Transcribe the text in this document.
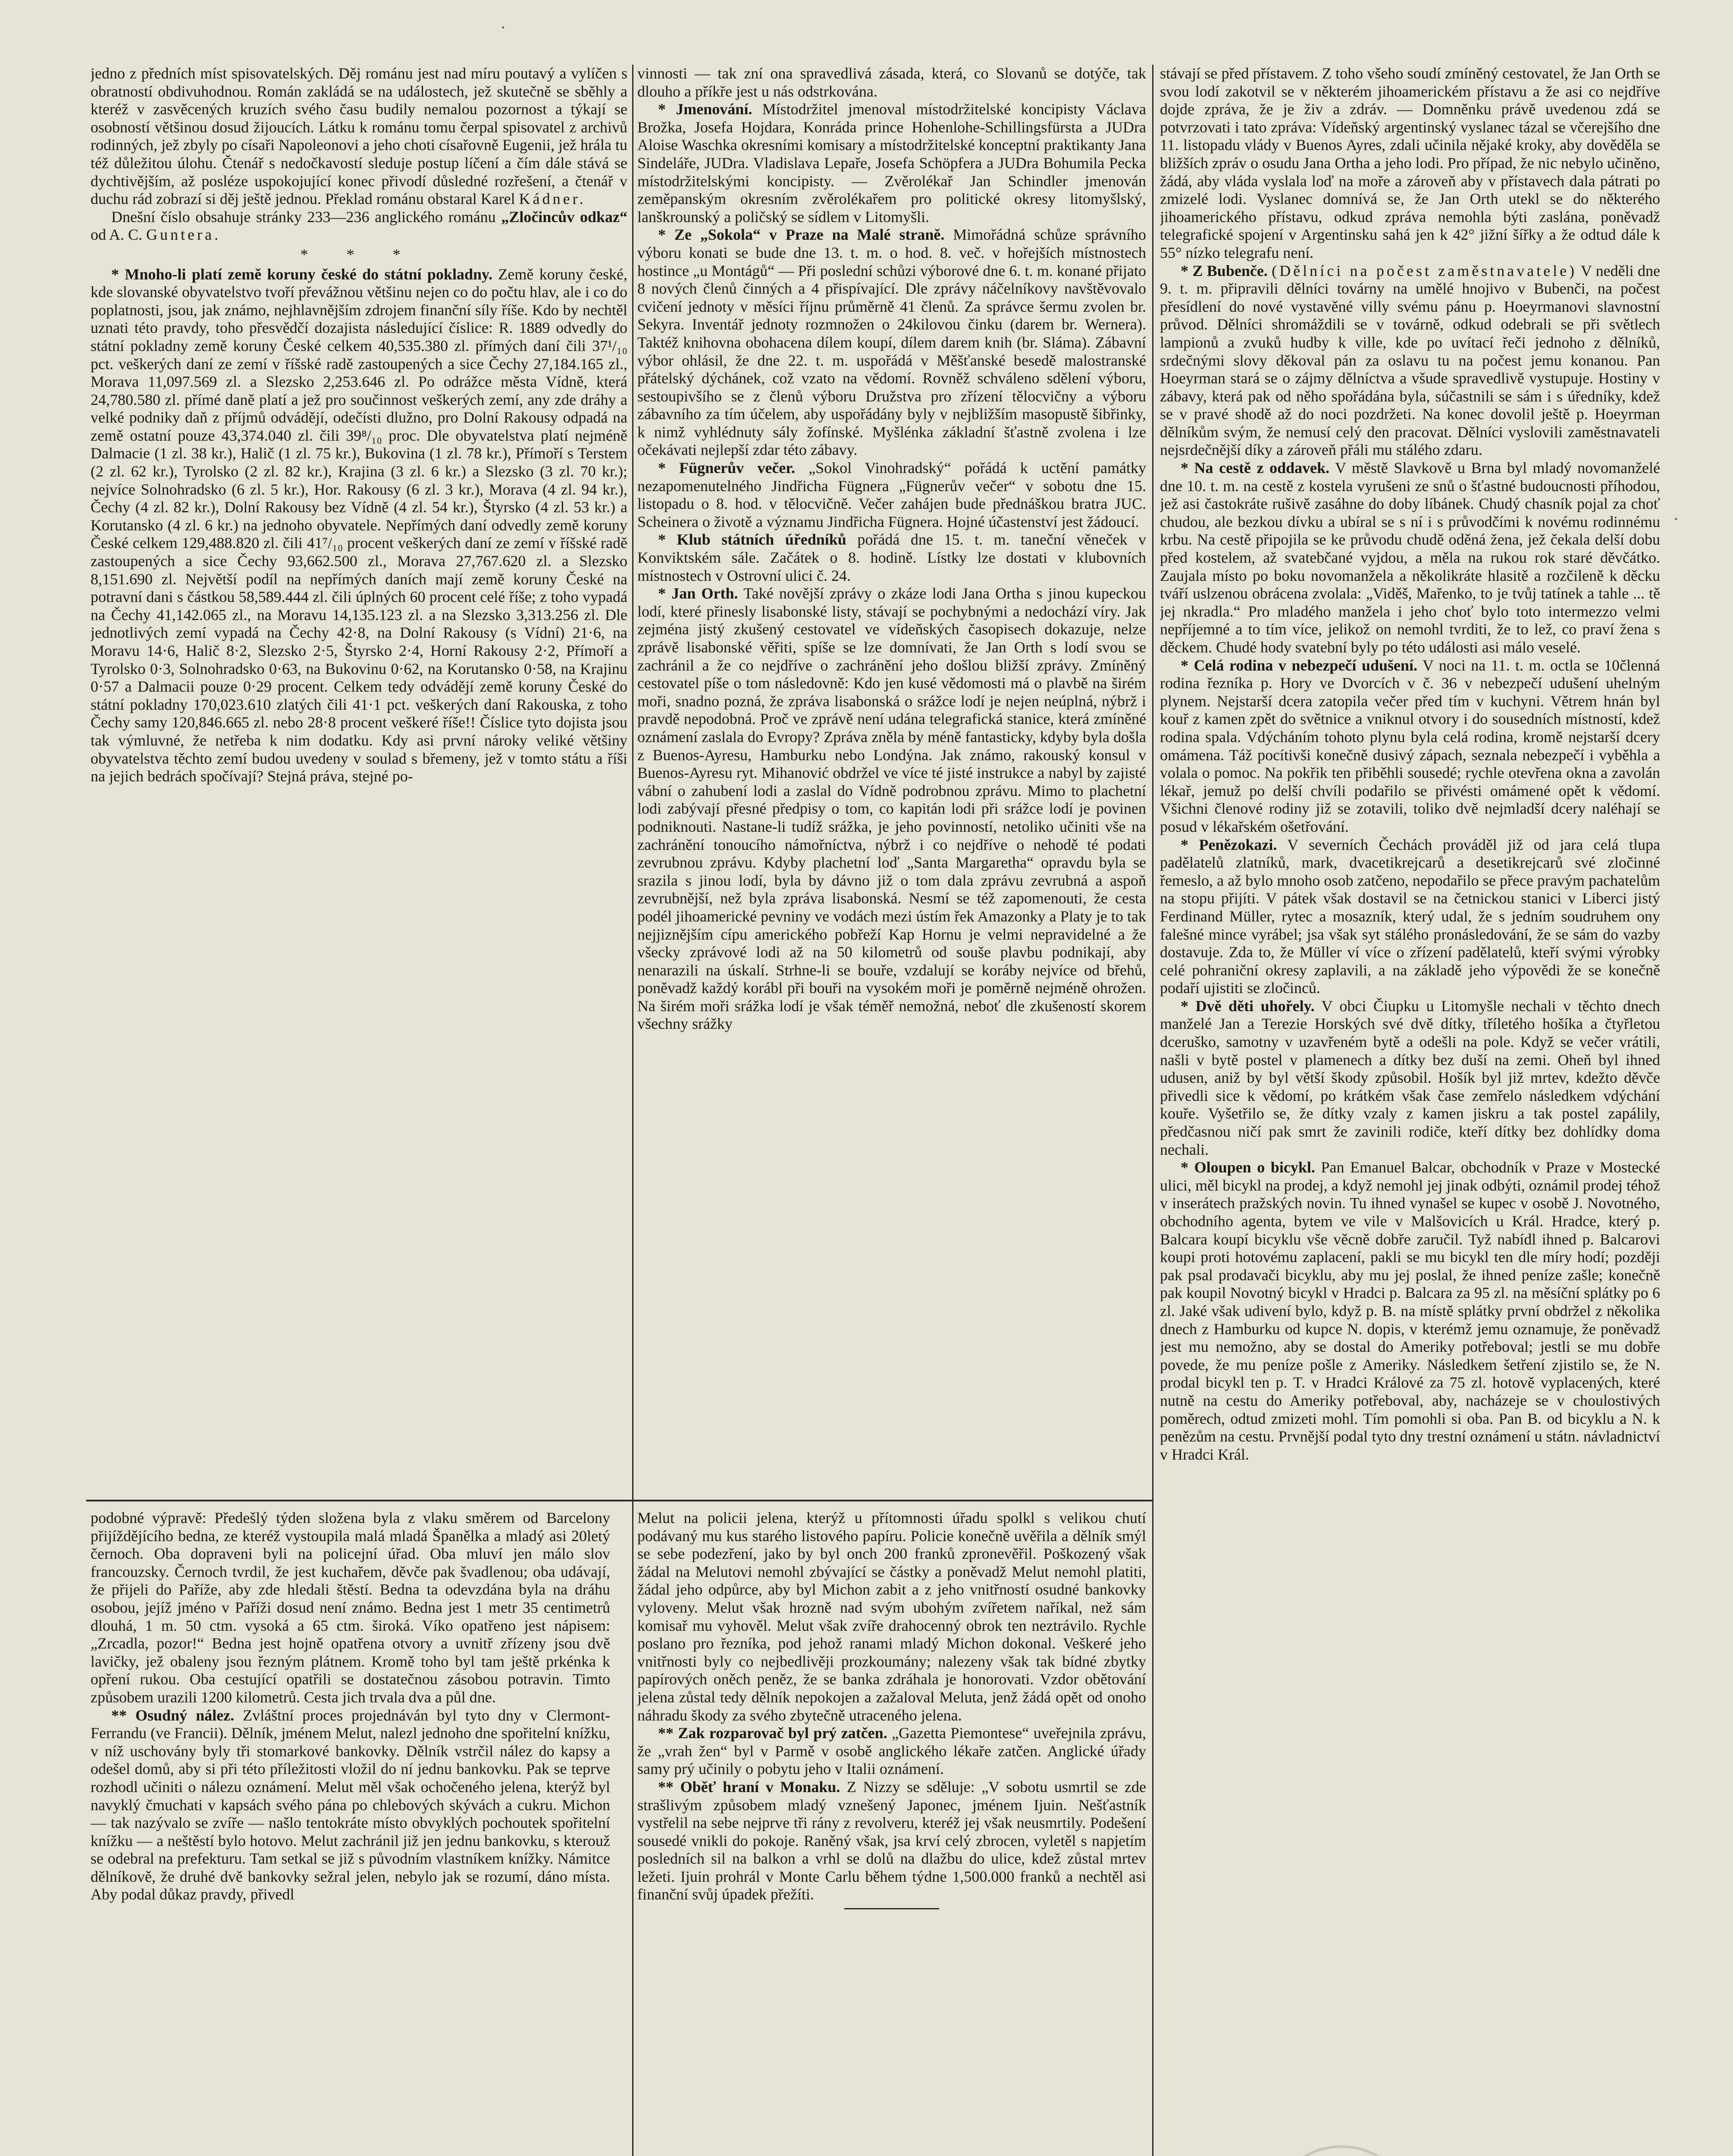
·
·

jedno z předních míst spisovatelských. Děj románu jest nad míru poutavý a vylíčen s obratností obdivuhodnou. Román zakládá se na událostech, jež skutečně se sběhly a kteréž v zasvěcených kruzích svého času budily nemalou pozornost a týkají se osobností většinou dosud žijoucích. Látku k románu tomu čerpal spisovatel z archivů rodinných, jež zbyly po císaři Napoleonovi a jeho choti císařovně Eugenii, jež hrála tu též důležitou úlohu. Čtenář s nedočkavostí sleduje postup líčení a čím dále stává se dychtivějším, až posléze uspokojující konec přivodí důsledné rozřešení, a čtenář v duchu rád zobrazí si děj ještě jednou. Překlad románu obstaral Karel Kádner.

Dnešní číslo obsahuje stránky 233—236 anglického románu „Zločincův odkaz“ od A. C. Guntera.

* * *

* Mnoho-li platí země koruny české do státní pokladny. Země koruny české, kde slovanské obyvatelstvo tvoří převážnou většinu nejen co do počtu hlav, ale i co do poplatnosti, jsou, jak známo, nejhlavnějším zdrojem finanční síly říše. Kdo by nechtěl uznati této pravdy, toho přesvědčí dozajista následující číslice: R. 1889 odvedly do státní pokladny země koruny České celkem 40,535.380 zl. přímých daní čili 37¹/₁₀ pct. veškerých daní ze zemí v říšské radě zastoupených a sice Čechy 27,184.165 zl., Morava 11,097.569 zl. a Slezsko 2,253.646 zl. Po odrážce města Vídně, která 24,780.580 zl. přímé daně platí a jež pro součinnost veškerých zemí, any zde dráhy a velké podniky daň z příjmů odvádějí, odečísti dlužno, pro Dolní Rakousy odpadá na země ostatní pouze 43,374.040 zl. čili 39⁸/₁₀ proc. Dle obyvatelstva platí nejméně Dalmacie (1 zl. 38 kr.), Halič (1 zl. 75 kr.), Bukovina (1 zl. 78 kr.), Přímoří s Terstem (2 zl. 62 kr.), Tyrolsko (2 zl. 82 kr.), Krajina (3 zl. 6 kr.) a Slezsko (3 zl. 70 kr.); nejvíce Solnohradsko (6 zl. 5 kr.), Hor. Rakousy (6 zl. 3 kr.), Morava (4 zl. 94 kr.), Čechy (4 zl. 82 kr.), Dolní Rakousy bez Vídně (4 zl. 54 kr.), Štyrsko (4 zl. 53 kr.) a Korutansko (4 zl. 6 kr.) na jednoho obyvatele. Nepřímých daní odvedly země koruny České celkem 129,488.820 zl. čili 41⁷/₁₀ procent veškerých daní ze zemí v říšské radě zastoupených a sice Čechy 93,662.500 zl., Morava 27,767.620 zl. a Slezsko 8,151.690 zl. Největší podíl na nepřímých daních mají země koruny České na potravní dani s částkou 58,589.444 zl. čili úplných 60 procent celé říše; z toho vypadá na Čechy 41,142.065 zl., na Moravu 14,135.123 zl. a na Slezsko 3,313.256 zl. Dle jednotlivých zemí vypadá na Čechy 42·8, na Dolní Rakousy (s Vídní) 21·6, na Moravu 14·6, Halič 8·2, Slezsko 2·5, Štyrsko 2·4, Horní Rakousy 2·2, Přímoří a Tyrolsko 0·3, Solnohradsko 0·63, na Bukovinu 0·62, na Korutansko 0·58, na Krajinu 0·57 a Dalmacii pouze 0·29 procent. Celkem tedy odvádějí země koruny České do státní pokladny 170,023.610 zlatých čili 41·1 pct. veškerých daní Rakouska, z toho Čechy samy 120,846.665 zl. nebo 28·8 procent veškeré říše!! Číslice tyto dojista jsou tak výmluvné, že netřeba k nim dodatku. Kdy asi první nároky veliké většiny obyvatelstva těchto zemí budou uvedeny v soulad s břemeny, jež v tomto státu a říši na jejich bedrách spočívají? Stejná práva, stejné po-

vinnosti — tak zní ona spravedlivá zásada, která, co Slovanů se dotýče, tak dlouho a příkře jest u nás odstrkována.

* Jmenování. Místodržitel jmenoval místodržitelské koncipisty Václava Brožka, Josefa Hojdara, Konráda prince Hohenlohe-Schillingsfürsta a JUDra Aloise Waschka okresními komisary a místodržitelské konceptní praktikanty Jana Sindeláře, JUDra. Vladislava Lepaře, Josefa Schöpfera a JUDra Bohumila Pecka místodržitelskými koncipisty. — Zvěrolékař Jan Schindler jmenován zeměpanským okresním zvěrolékařem pro politické okresy litomyšlský, lanškrounský a poličský se sídlem v Litomyšli.

* Ze „Sokola“ v Praze na Malé straně. Mimořádná schůze správního výboru konati se bude dne 13. t. m. o hod. 8. več. v hořejších místnostech hostince „u Montágů“ — Při poslední schůzi výborové dne 6. t. m. konané přijato 8 nových členů činných a 4 přispívající. Dle zprávy náčelníkovy navštěvovalo cvičení jednoty v měsíci říjnu průměrně 41 členů. Za správce šermu zvolen br. Sekyra. Inventář jednoty rozmnožen o 24kilovou činku (darem br. Wernera). Taktéž knihovna obohacena dílem koupí, dílem darem knih (br. Sláma). Zábavní výbor ohlásil, že dne 22. t. m. uspořádá v Měšťanské besedě malostranské přátelský dýchánek, což vzato na vědomí. Rovněž schváleno sdělení výboru, sestoupivšího se z členů výboru Družstva pro zřízení tělocvičny a výboru zábavního za tím účelem, aby uspořádány byly v nejbližším masopustě šibřinky, k nimž vyhlédnuty sály žofínské. Myšlénka základní šťastně zvolena i lze očekávati nejlepší zdar této zábavy.

* Fügnerův večer. „Sokol Vinohradský“ pořádá k uctění památky nezapomenutelného Jindřicha Fügnera „Fügnerův večer“ v sobotu dne 15. listopadu o 8. hod. v tělocvičně. Večer zahájen bude přednáškou bratra JUC. Scheinera o životě a významu Jindřicha Fügnera. Hojné účastenství jest žádoucí.

* Klub státních úředníků pořádá dne 15. t. m. taneční věneček v Konviktském sále. Začátek o 8. hodině. Lístky lze dostati v klubovních místnostech v Ostrovní ulici č. 24.

* Jan Orth. Také novější zprávy o zkáze lodi Jana Ortha s jinou kupeckou lodí, které přinesly lisabonské listy, stávají se pochybnými a nedochází víry. Jak zejména jistý zkušený cestovatel ve vídeňských časopisech dokazuje, nelze zprávě lisabonské věřiti, spíše se lze domnívati, že Jan Orth s lodí svou se zachránil a že co nejdříve o zachránění jeho došlou bližší zprávy. Zmíněný cestovatel píše o tom následovně: Kdo jen kusé vědomosti má o plavbě na širém moři, snadno pozná, že zpráva lisabonská o srážce lodí je nejen neúplná, nýbrž i pravdě nepodobná. Proč ve zprávě není udána telegrafická stanice, která zmíněné oznámení zaslala do Evropy? Zpráva zněla by méně fantasticky, kdyby byla došla z Buenos-Ayresu, Hamburku nebo Londýna. Jak známo, rakouský konsul v Buenos-Ayresu ryt. Mihanović obdržel ve více té jisté instrukce a nabyl by zajisté vábní o zahubení lodi a zaslal do Vídně podrobnou zprávu. Mimo to plachetní lodi zabývají přesné předpisy o tom, co kapitán lodi při srážce lodí je povinen podniknouti. Nastane-li tudíž srážka, je jeho povinností, netoliko učiniti vše na zachránění tonoucího námořníctva, nýbrž i co nejdříve o nehodě té podati zevrubnou zprávu. Kdyby plachetní loď „Santa Margaretha“ opravdu byla se srazila s jinou lodí, byla by dávno již o tom dala zprávu zevrubná a aspoň zevrubnější, než byla zpráva lisabonská. Nesmí se též zapomenouti, že cesta podél jihoamerické pevniny ve vodách mezi ústím řek Amazonky a Platy je to tak nejjiznějším cípu amerického pobřeží Kap Hornu je velmi nepravidelné a že všecky zprávové lodi až na 50 kilometrů od souše plavbu podnikají, aby nenarazili na úskalí. Strhne-li se bouře, vzdalují se koráby nejvíce od břehů, poněvadž každý korábl při bouři na vysokém moři je poměrně nejméně ohrožen. Na širém moři srážka lodí je však téměř nemožná, neboť dle zkušeností skorem všechny srážky

stávají se před přístavem. Z toho všeho soudí zmíněný cestovatel, že Jan Orth se svou lodí zakotvil se v některém jihoamerickém přístavu a že asi co nejdříve dojde zpráva, že je živ a zdráv. — Domněnku právě uvedenou zdá se potvrzovati i tato zpráva: Vídeňský argentinský vyslanec tázal se včerejšího dne 11. listopadu vlády v Buenos Ayres, zdali učinila nějaké kroky, aby dověděla se bližších zpráv o osudu Jana Ortha a jeho lodi. Pro případ, že nic nebylo učiněno, žádá, aby vláda vyslala loď na moře a zároveň aby v přístavech dala pátrati po zmizelé lodi. Vyslanec domnívá se, že Jan Orth utekl se do některého jihoamerického přístavu, odkud zpráva nemohla býti zaslána, poněvadž telegrafické spojení v Argentinsku sahá jen k 42° jižní šířky a že odtud dále k 55° nízko telegrafu není.

* Z Bubenče. (Dělníci na počest zaměstnavatele) V neděli dne 9. t. m. připravili dělníci továrny na umělé hnojivo v Bubenči, na počest přesídlení do nové vystavěné villy svému pánu p. Hoeyrmanovi slavnostní průvod. Dělníci shromáždili se v továrně, odkud odebrali se při světlech lampionů a zvuků hudby k ville, kde po uvítací řeči jednoho z dělníků, srdečnými slovy děkoval pán za oslavu tu na počest jemu konanou. Pan Hoeyrman stará se o zájmy dělníctva a všude spravedlivě vystupuje. Hostiny v zábavy, která pak od něho spořádána byla, súčastnili se sám i s úředníky, kdež se v pravé shodě až do noci pozdržeti. Na konec dovolil ještě p. Hoeyrman dělníkům svým, že nemusí celý den pracovat. Dělníci vyslovili zaměstnavateli nejsrdečnější díky a zároveň přáli mu stálého zdaru.

* Na cestě z oddavek. V městě Slavkově u Brna byl mladý novomanželé dne 10. t. m. na cestě z kostela vyrušeni ze snů o šťastné budoucnosti příhodou, jež asi častokráte rušivě zasáhne do doby líbánek. Chudý chasník pojal za choť chudou, ale bezkou dívku a ubíral se s ní i s průvodčími k novému rodinnému krbu. Na cestě připojila se ke průvodu chudě oděná žena, jež čekala delší dobu před kostelem, až svatebčané vyjdou, a měla na rukou rok staré děvčátko. Zaujala místo po boku novomanžela a několikráte hlasitě a rozčileně k děcku tváří uslzenou obrácena zvolala: „Viděš, Mařenko, to je tvůj tatínek a tahle ... tě jej nkradla.“ Pro mladého manžela i jeho choť bylo toto intermezzo velmi nepříjemné a to tím více, jelikož on nemohl tvrditi, že to lež, co praví žena s děckem. Chudé hody svatební byly po této události asi málo veselé.

* Celá rodina v nebezpečí udušení. V noci na 11. t. m. octla se 10členná rodina řezníka p. Hory ve Dvorcích v č. 36 v nebezpečí udušení uhelným plynem. Nejstarší dcera zatopila večer před tím v kuchyni. Větrem hnán byl kouř z kamen zpět do světnice a vniknul otvory i do sousedních místností, kdež rodina spala. Vdýcháním tohoto plynu byla celá rodina, kromě nejstarší dcery omámena. Táž pocítivši konečně dusivý zápach, seznala nebezpečí i vyběhla a volala o pomoc. Na pokřik ten přiběhli sousedé; rychle otevřena okna a zavolán lékař, jemuž po delší chvíli podařilo se přivésti omámené opět k vědomí. Všichni členové rodiny již se zotavili, toliko dvě nejmladší dcery naléhají se posud v lékařském ošetřování.

* Penězokazi. V severních Čechách prováděl již od jara celá tlupa padělatelů zlatníků, mark, dvacetikrejcarů a desetikrejcarů své zločinné řemeslo, a až bylo mnoho osob zatčeno, nepodařilo se přece pravým pachatelům na stopu přijíti. V pátek však dostavil se na četnickou stanici v Liberci jistý Ferdinand Müller, rytec a mosazník, který udal, že s jedním soudruhem ony falešné mince vyrábel; jsa však syt stálého pronásledování, že se sám do vazby dostavuje. Zda to, že Müller ví více o zřízení padělatelů, kteří svými výrobky celé pohraniční okresy zaplavili, a na základě jeho výpovědi že se konečně podaří ujistiti se zločinců.

* Dvě děti uhořely. V obci Čiupku u Litomyšle nechali v těchto dnech manželé Jan a Terezie Horských své dvě dítky, tříletého hošíka a čtyřletou dceruško, samotny v uzavřeném bytě a odešli na pole. Když se večer vrátili, našli v bytě postel v plamenech a dítky bez duší na zemi. Oheň byl ihned udusen, aniž by byl větší škody způsobil. Hošík byl již mrtev, kdežto děvče přivedli sice k vědomí, po krátkém však čase zemřelo následkem vdýchání kouře. Vyšetřilo se, že dítky vzaly z kamen jiskru a tak postel zapálily, předčasnou ničí pak smrt že zavinili rodiče, kteří dítky bez dohlídky doma nechali.

* Oloupen o bicykl. Pan Emanuel Balcar, obchodník v Praze v Mostecké ulici, měl bicykl na prodej, a když nemohl jej jinak odbýti, oznámil prodej téhož v inserátech pražských novin. Tu ihned vynašel se kupec v osobě J. Novotného, obchodního agenta, bytem ve vile v Malšovicích u Král. Hradce, který p. Balcara koupí bicyklu vše věcně dobře zaručil. Tyž nabídl ihned p. Balcarovi koupi proti hotovému zaplacení, pakli se mu bicykl ten dle míry hodí; později pak psal prodavači bicyklu, aby mu jej poslal, že ihned peníze zašle; konečně pak koupil Novotný bicykl v Hradci p. Balcara za 95 zl. na měsíční splátky po 6 zl. Jaké však udivení bylo, když p. B. na místě splátky první obdržel z několika dnech z Hamburku od kupce N. dopis, v kterémž jemu oznamuje, že poněvadž jest mu nemožno, aby se dostal do Ameriky potřeboval; jestli se mu dobře povede, že mu peníze pošle z Ameriky. Následkem šetření zjistilo se, že N. prodal bicykl ten p. T. v Hradci Králové za 75 zl. hotově vyplacených, které nutně na cestu do Ameriky potřeboval, aby, nacházeje se v choulostivých poměrech, odtud zmizeti mohl. Tím pomohli si oba. Pan B. od bicyklu a N. k penězům na cestu. Prvnější podal tyto dny trestní oznámení u státn. návladnictví v Hradci Král.

podobné výpravě: Předešlý týden složena byla z vlaku směrem od Barcelony přijíždějícího bedna, ze kteréž vystoupila malá mladá Španělka a mladý asi 20letý černoch. Oba dopraveni byli na policejní úřad. Oba mluví jen málo slov francouzsky. Černoch tvrdil, že jest kuchařem, děvče pak švadlenou; oba udávají, že přijeli do Paříže, aby zde hledali štěstí. Bedna ta odevzdána byla na dráhu osobou, jejíž jméno v Paříži dosud není známo. Bedna jest 1 metr 35 centimetrů dlouhá, 1 m. 50 ctm. vysoká a 65 ctm. široká. Víko opatřeno jest nápisem: „Zrcadla, pozor!“ Bedna jest hojně opatřena otvory a uvnitř zřízeny jsou dvě lavičky, jež obaleny jsou řezným plátnem. Kromě toho byl tam ještě prkénka k opření rukou. Oba cestující opatřili se dostatečnou zásobou potravin. Timto způsobem urazili 1200 kilometrů. Cesta jich trvala dva a půl dne.

** Osudný nález. Zvláštní proces projednáván byl tyto dny v Clermont-Ferrandu (ve Francii). Dělník, jménem Melut, nalezl jednoho dne spořitelní knížku, v níž uschovány byly tři stomarkové bankovky. Dělník vstrčil nález do kapsy a odešel domů, aby si při této příležitosti vložil do ní jednu bankovku. Pak se teprve rozhodl učiniti o nálezu oznámení. Melut měl však ochočeného jelena, kterýž byl navyklý čmuchati v kapsách svého pána po chlebových skývách a cukru. Michon — tak nazývalo se zvíře — našlo tentokráte místo obvyklých pochoutek spořitelní knížku — a neštěstí bylo hotovo. Melut zachránil již jen jednu bankovku, s kterouž se odebral na prefekturu. Tam setkal se již s původním vlastníkem knížky. Námitce dělníkově, že druhé dvě bankovky sežral jelen, nebylo jak se rozumí, dáno místa. Aby podal důkaz pravdy, přivedl

Melut na policii jelena, kterýž u přítomnosti úřadu spolkl s velikou chutí podávaný mu kus starého listového papíru. Policie konečně uvěřila a dělník smýl se sebe podezření, jako by byl onch 200 franků zpronevěřil. Poškozený však žádal na Melutovi nemohl zbývající se částky a poněvadž Melut nemohl platiti, žádal jeho odpůrce, aby byl Michon zabit a z jeho vnitřností osudné bankovky vyloveny. Melut však hrozně nad svým ubohým zvířetem naříkal, než sám komisař mu vyhověl. Melut však zvíře drahocenný obrok ten neztrávilo. Rychle poslano pro řezníka, pod jehož ranami mladý Michon dokonal. Veškeré jeho vnitřnosti byly co nejbedlivěji prozkoumány; nalezeny však tak bídné zbytky papírových oněch peněz, že se banka zdráhala je honorovati. Vzdor obětování jelena zůstal tedy dělník nepokojen a zažaloval Meluta, jenž žádá opět od onoho náhradu škody za svého zbytečně utraceného jelena.

** Zak rozparovač byl prý zatčen. „Gazetta Piemontese“ uveřejnila zprávu, že „vrah žen“ byl v Parmě v osobě anglického lékaře zatčen. Anglické úřady samy prý učinily o pobytu jeho v Italii oznámení.

** Oběť hraní v Monaku. Z Nizzy se sděluje: „V sobotu usmrtil se zde strašlivým způsobem mladý vznešený Japonec, jménem Ijuin. Nešťastník vystřelil na sebe nejprve tři rány z revolveru, kteréž jej však neusmrtily. Podešení sousedé vnikli do pokoje. Raněný však, jsa krví celý zbrocen, vyletěl s napjetím posledních sil na balkon a vrhl se dolů na dlažbu do ulice, kdež zůstal mrtev ležeti. Ijuin prohrál v Monte Carlu během týdne 1,500.000 franků a nechtěl asi finanční svůj úpadek přežíti.
